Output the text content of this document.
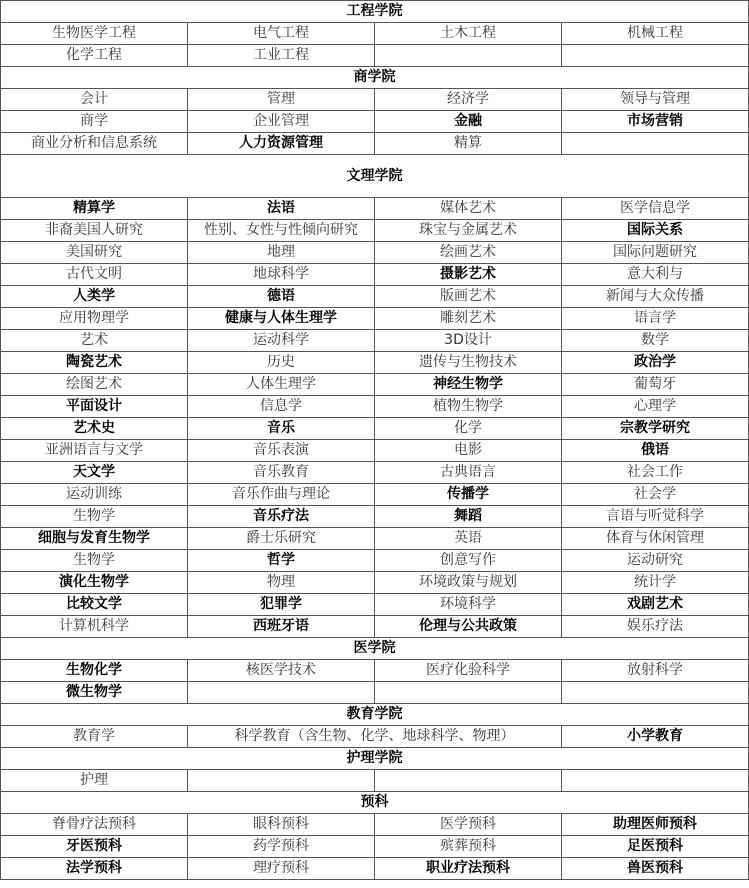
工程学院			
生物医学工程	电气工程	土木工程	机械工程
化学工程	工业工程		
商学院			
会计	管理	经济学	领导与管理
商学	企业管理	金融	市场营销
商业分析和信息系统	人力资源管理	精算	
文理学院			
精算学	法语	媒体艺术	医学信息学
非裔美国人研究	性别、女性与性倾向研究	珠宝与金属艺术	国际关系
美国研究	地理	绘画艺术	国际问题研究
古代文明	地球科学	摄影艺术	意大利与
人类学	德语	版画艺术	新闻与大众传播
应用物理学	健康与人体生理学	雕刻艺术	语言学
艺术	运动科学	3D设计	数学
陶瓷艺术	历史	遗传与生物技术	政治学
绘图艺术	人体生理学	神经生物学	葡萄牙
平面设计	信息学	植物生物学	心理学
艺术史	音乐	化学	宗教学研究
亚洲语言与文学	音乐表演	电影	俄语
天文学	音乐教育	古典语言	社会工作
运动训练	音乐作曲与理论	传播学	社会学
生物学	音乐疗法	舞蹈	言语与听觉科学
细胞与发育生物学	爵士乐研究	英语	体育与休闲管理
生物学	哲学	创意写作	运动研究
演化生物学	物理	环境政策与规划	统计学
比较文学	犯罪学	环境科学	戏剧艺术
计算机科学	西班牙语	伦理与公共政策	娱乐疗法
医学院			
生物化学	核医学技术	医疗化验科学	放射科学
微生物学			
教育学院			
教育学	科学教育（含生物、化学、地球科学、物理）		小学教育
护理学院			
护理			
预科			
脊骨疗法预科	眼科预科	医学预科	助理医师预科
牙医预科	药学预科	殡葬预科	足医预科
法学预科	理疗预科	职业疗法预科	兽医预科
